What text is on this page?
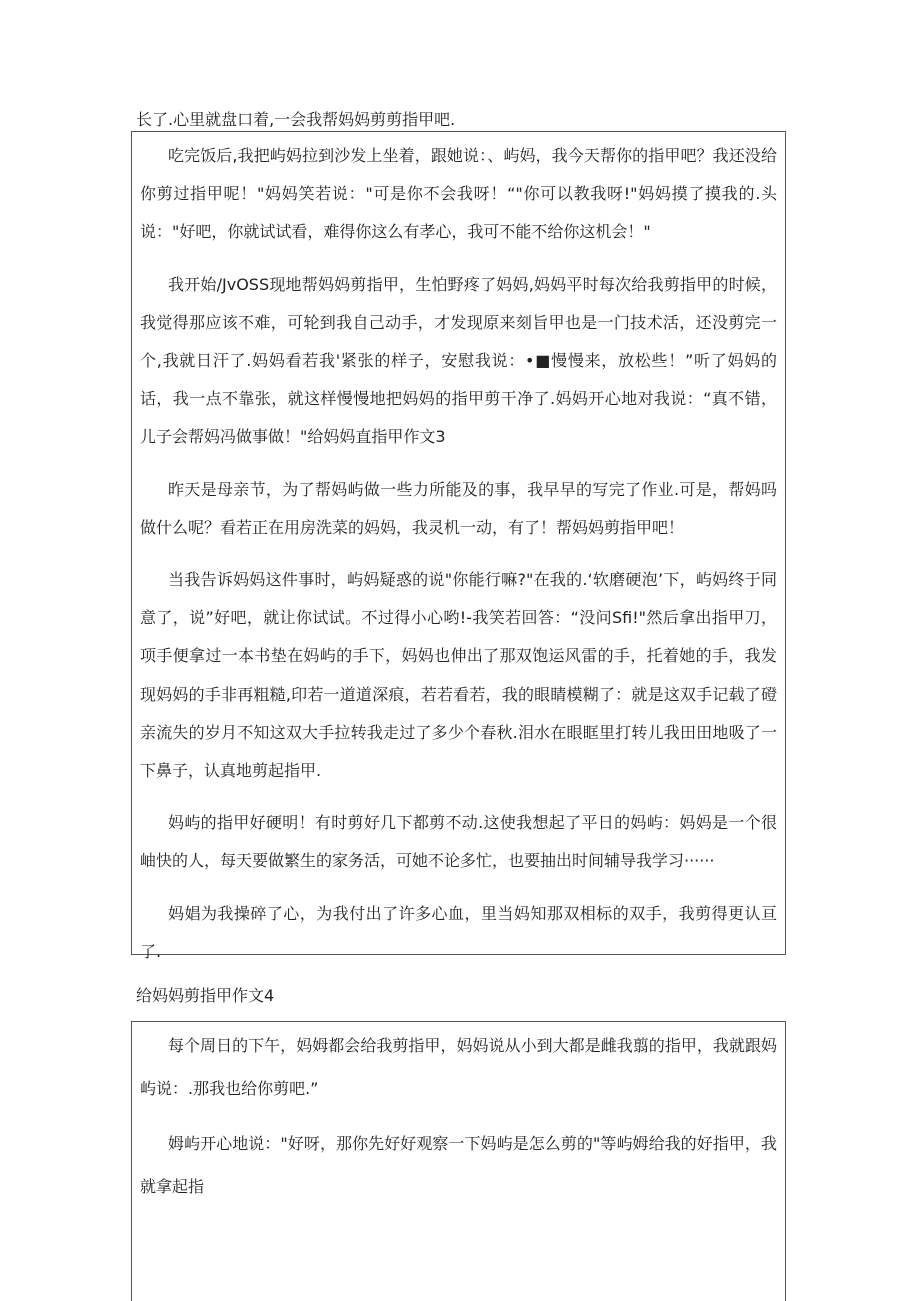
长了.心里就盘口着,一会我帮妈妈剪剪指甲吧.

吃完饭后,我把屿妈拉到沙发上坐着，跟她说：、屿妈，我今天帮你的指甲吧？我还没给你剪过指甲呢！"妈妈笑若说："可是你不会我呀！“"你可以教我呀!"妈妈摸了摸我的.头说："好吧，你就试试看，难得你这么有孝心，我可不能不给你这机会！"

我开始/JvOSS现地帮妈妈剪指甲，生怕野疼了妈妈,妈妈平时每次给我剪指甲的时候，我觉得那应该不难，可轮到我自己动手，才发现原来刻旨甲也是一门技术活，还没剪完一个,我就日汗了.妈妈看若我'紧张的样子，安慰我说：•■慢慢来，放松些！”听了妈妈的话，我一点不靠张，就这样慢慢地把妈妈的指甲剪干净了.妈妈开心地对我说：“真不错，儿子会帮妈冯做事做！"给妈妈直指甲作文3

昨天是母亲节，为了帮妈屿做一些力所能及的事，我早早的写完了作业.可是，帮妈吗做什么呢？看若正在用房洗菜的妈妈，我灵机一动，有了！帮妈妈剪指甲吧！

当我告诉妈妈这件事时，屿妈疑惑的说"你能行嘛?"在我的.‘软磨硬泡’下，屿妈终于同意了，说”好吧，就让你试试。不过得小心哟!-我笑若回答：“没问Sfi!"然后拿出指甲刀，项手便拿过一本书垫在妈屿的手下，妈妈也伸出了那双饱运风雷的手，托着她的手，我发现妈妈的手非再粗糙,印若一道道深痕，若若看若，我的眼睛模糊了：就是这双手记载了磴亲流失的岁月不知这双大手拉转我走过了多少个春秋.泪水在眼眶里打转儿我田田地吸了一下鼻子，认真地剪起指甲.

妈屿的指甲好硬明！有时剪好几下都剪不动.这使我想起了平日的妈屿：妈妈是一个很岫快的人，每天要做繁生的家务活，可她不论多忙，也要抽出时间辅导我学习······

妈娼为我操碎了心，为我付出了许多心血，里当妈知那双相标的双手，我剪得更认亘了.

给妈妈剪指甲作文4

每个周日的下午，妈姆都会给我剪指甲，妈妈说从小到大都是雌我翦的指甲，我就跟妈屿说：.那我也给你剪吧.”

姆屿开心地说："好呀，那你先好好观察一下妈屿是怎么剪的"等屿姆给我的好指甲，我就拿起指
